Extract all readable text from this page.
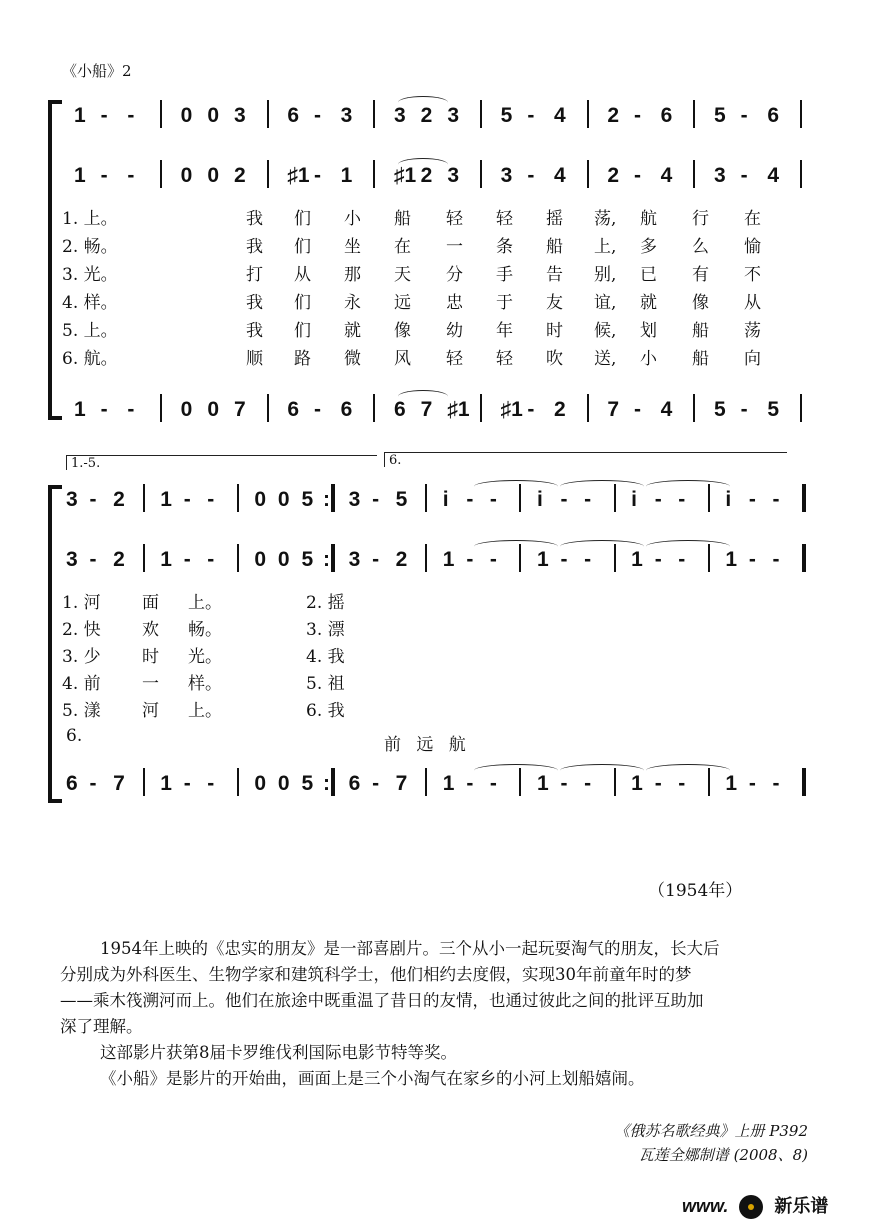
《小船》2
1 - - 0 0 3 6 - 3 3 2 3 5 - 4 2 - 6 5 - 6
1 - - 0 0 2 ♯1 - 1 ♯1 2 3 3 - 4 2 - 4 3 - 4
1. 上。	我 们 小 船 轻 轻 摇 荡, 航 行 在
2. 畅。	我 们 坐 在 一 条 船 上, 多 么 愉
3. 光。	打 从 那 天 分 手 告 别, 已 有 不
4. 样。	我 们 永 远 忠 于 友 谊, 就 像 从
5. 上。	我 们 就 像 幼 年 时 候, 划 船 荡
6. 航。	顺 路 微 风 轻 轻 吹 送, 小 船 向
1 - - 0 0 7 6 - 6 6 7 ♯1 ♯1 - 2 7 - 4 5 - 5
1.-5.	6.
3 - 2 1 - - 0 0 5 : 3 - 5 i - - i - - i - - i - -
3 - 2 1 - - 0 0 5 : 3 - 2 1 - - 1 - - 1 - - 1 - -
1. 河 面 上。	2. 摇
2. 快 欢 畅。	3. 漂
3. 少 时 光。	4. 我
4. 前 一 样。	5. 祖
5. 漾 河 上。	6. 我
6.	前 远 航
6 - 7 1 - - 0 0 5 : 6 - 7 1 - - 1 - - 1 - - 1 - -
（1954年）
1954年上映的《忠实的朋友》是一部喜剧片。三个从小一起玩耍淘气的朋友，长大后
分别成为外科医生、生物学家和建筑科学士，他们相约去度假，实现30年前童年时的梦
——乘木筏溯河而上。他们在旅途中既重温了昔日的友情，也通过彼此之间的批评互助加
深了理解。
这部影片获第8届卡罗维伐利国际电影节特等奖。
《小船》是影片的开始曲，画面上是三个小淘气在家乡的小河上划船嬉闹。
《俄苏名歌经典》上册 P392
瓦莲全娜制谱 (2008、8)
www.	新乐谱
